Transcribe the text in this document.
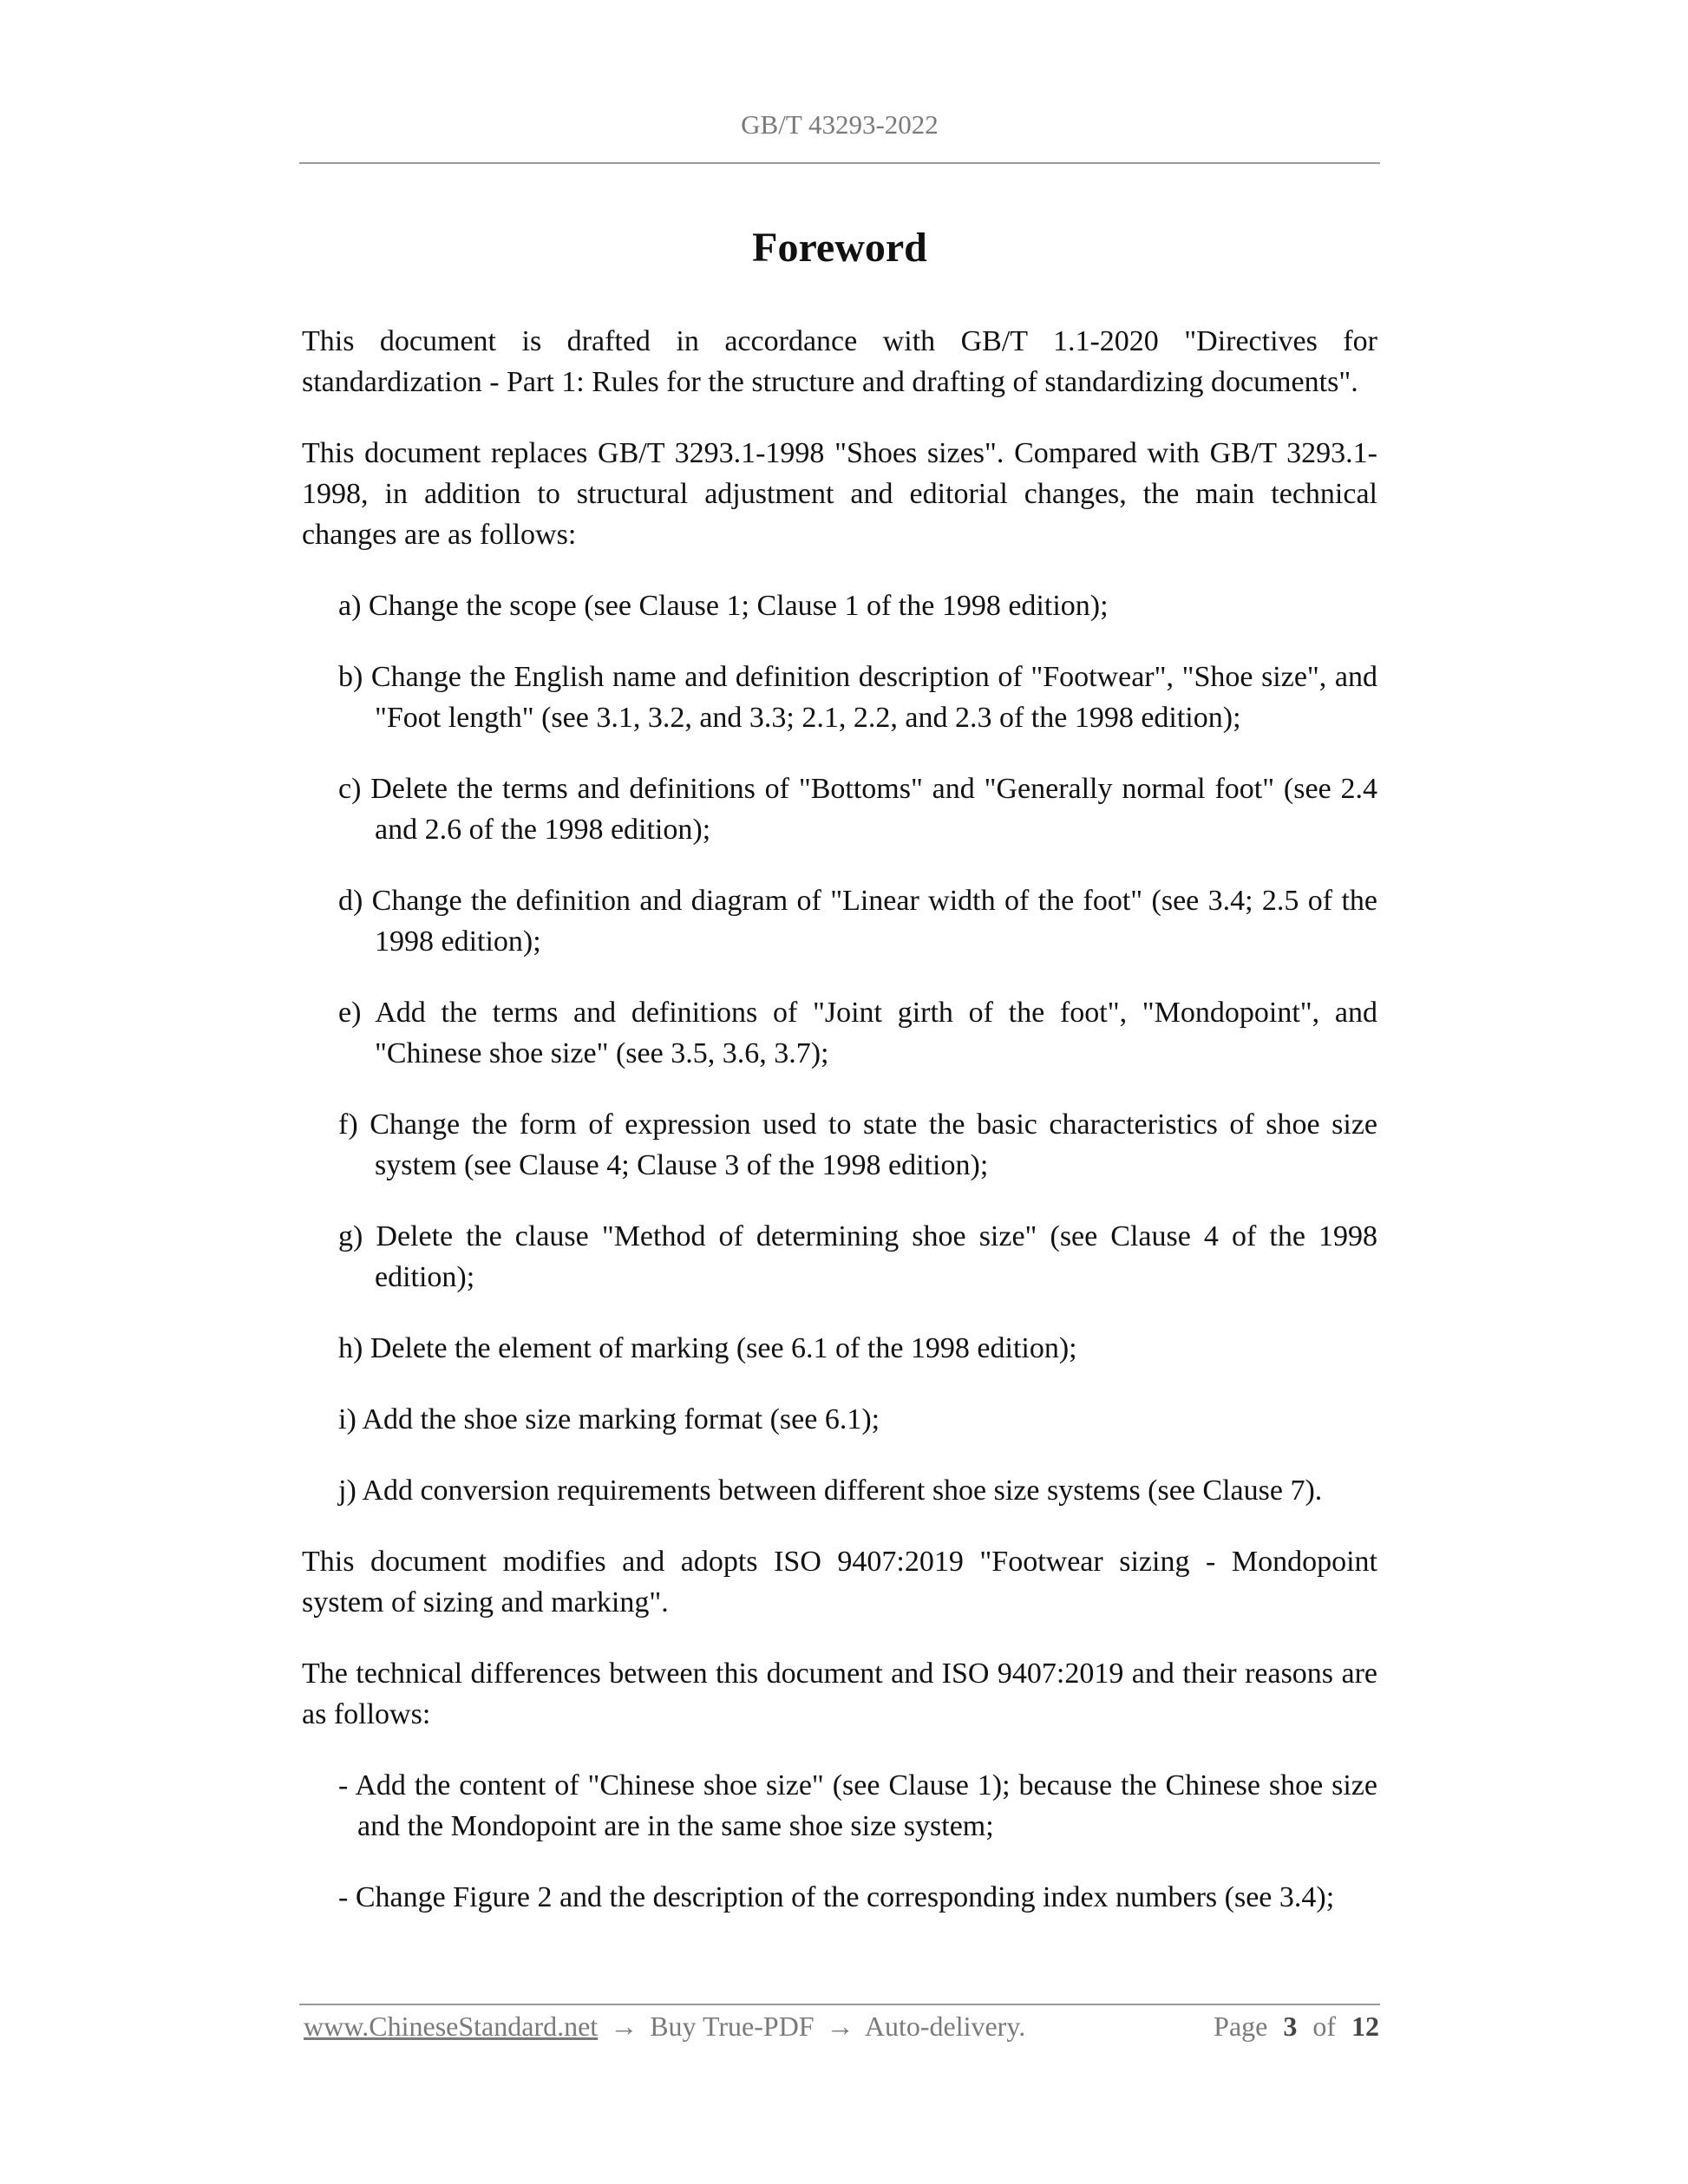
GB/T 43293-2022
Foreword

This document is drafted in accordance with GB/T 1.1-2020 "Directives for standardization - Part 1: Rules for the structure and drafting of standardizing documents".

This document replaces GB/T 3293.1-1998 "Shoes sizes". Compared with GB/T 3293.1-1998, in addition to structural adjustment and editorial changes, the main technical changes are as follows:

a) Change the scope (see Clause 1; Clause 1 of the 1998 edition);
b) Change the English name and definition description of "Footwear", "Shoe size", and "Foot length" (see 3.1, 3.2, and 3.3; 2.1, 2.2, and 2.3 of the 1998 edition);
c) Delete the terms and definitions of "Bottoms" and "Generally normal foot" (see 2.4 and 2.6 of the 1998 edition);
d) Change the definition and diagram of "Linear width of the foot" (see 3.4; 2.5 of the 1998 edition);
e) Add the terms and definitions of "Joint girth of the foot", "Mondopoint", and "Chinese shoe size" (see 3.5, 3.6, 3.7);
f) Change the form of expression used to state the basic characteristics of shoe size system (see Clause 4; Clause 3 of the 1998 edition);
g) Delete the clause "Method of determining shoe size" (see Clause 4 of the 1998 edition);
h) Delete the element of marking (see 6.1 of the 1998 edition);
i) Add the shoe size marking format (see 6.1);
j) Add conversion requirements between different shoe size systems (see Clause 7).

This document modifies and adopts ISO 9407:2019 "Footwear sizing - Mondopoint system of sizing and marking".

The technical differences between this document and ISO 9407:2019 and their reasons are as follows:

- Add the content of "Chinese shoe size" (see Clause 1); because the Chinese shoe size and the Mondopoint are in the same shoe size system;
- Change Figure 2 and the description of the corresponding index numbers (see 3.4);
www.ChineseStandard.net → Buy True-PDF → Auto-delivery.	Page 3 of 12
